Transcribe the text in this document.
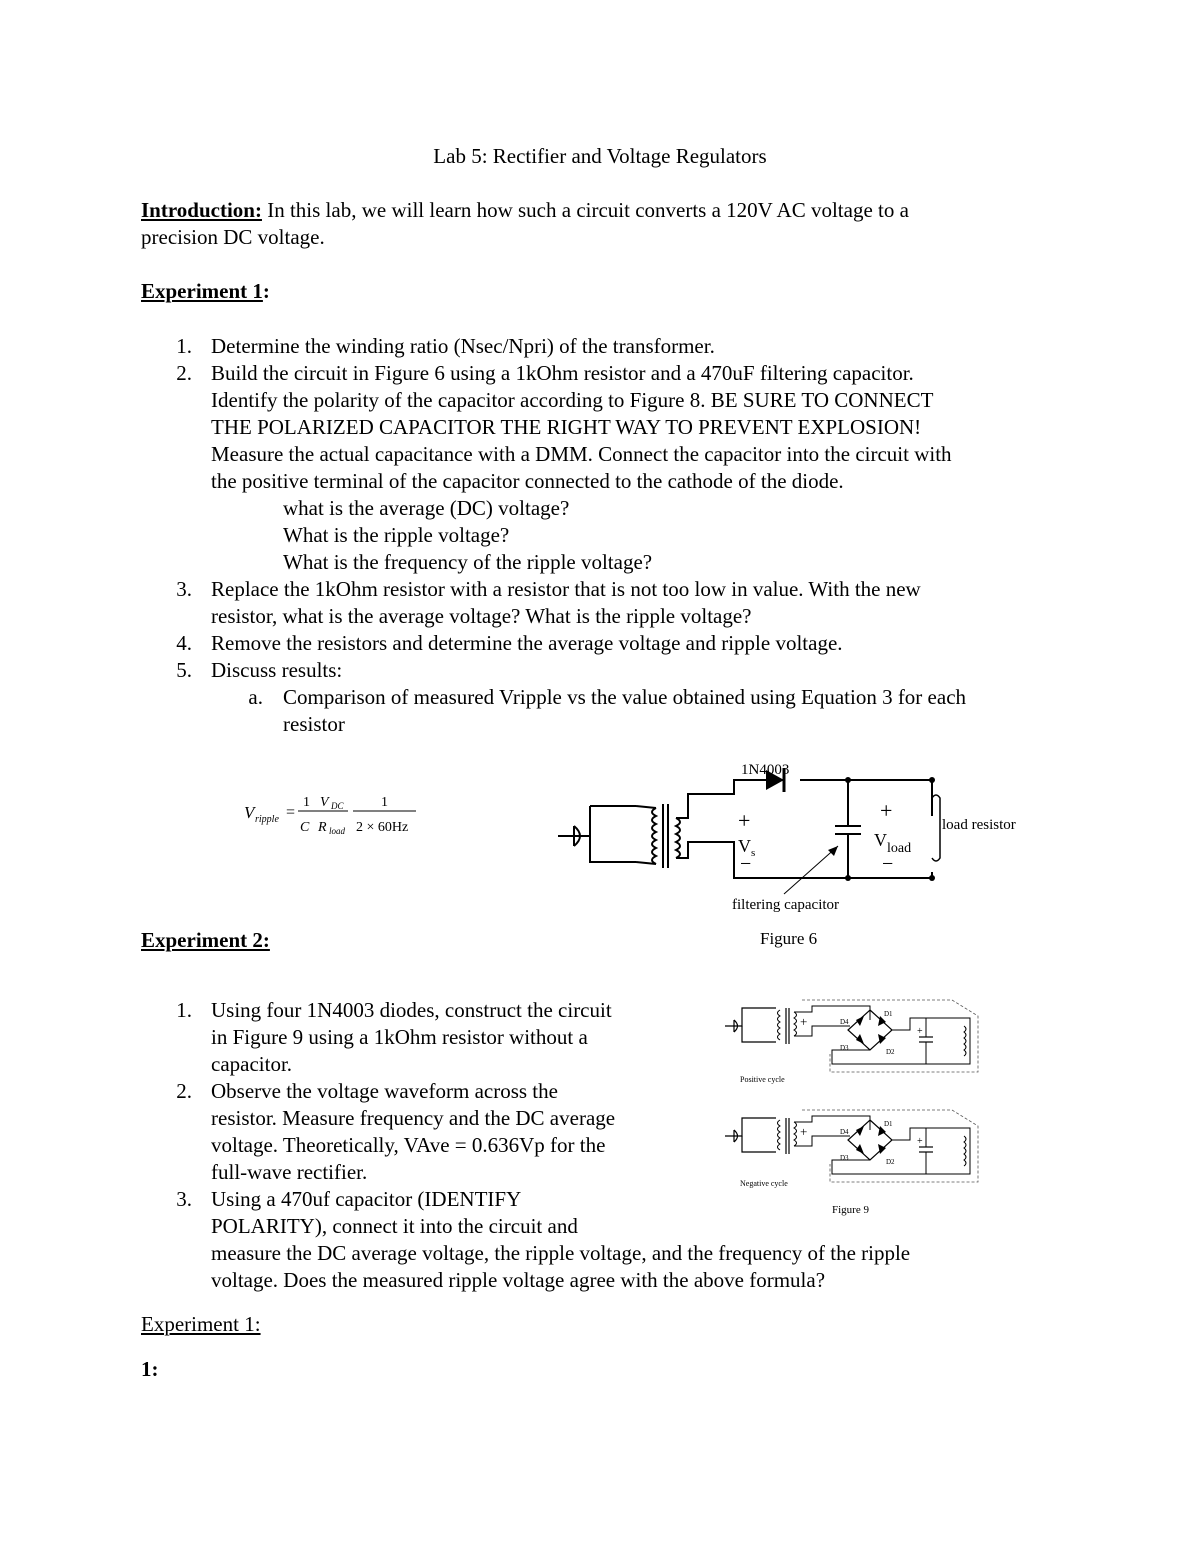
Lab 5: Rectifier and Voltage Regulators
Introduction: In this lab, we will learn how such a circuit converts a 120V AC voltage to a
precision DC voltage.
Experiment 1:
1. Determine the winding ratio (Nsec/Npri) of the transformer.
2. Build the circuit in Figure 6 using a 1kOhm resistor and a 470uF filtering capacitor.
Identify the polarity of the capacitor according to Figure 8. BE SURE TO CONNECT
THE POLARIZED CAPACITOR THE RIGHT WAY TO PREVENT EXPLOSION!
Measure the actual capacitance with a DMM. Connect the capacitor into the circuit with
the positive terminal of the capacitor connected to the cathode of the diode.
what is the average (DC) voltage?
What is the ripple voltage?
What is the frequency of the ripple voltage?
3. Replace the 1kOhm resistor with a resistor that is not too low in value. With the new
resistor, what is the average voltage? What is the ripple voltage?
4. Remove the resistors and determine the average voltage and ripple voltage.
5. Discuss results:
a. Comparison of measured Vripple vs the value obtained using Equation 3 for each
resistor
V ripple =
1
C
V DC
R load
1
2 × 60Hz
1N4003
+
V s
−
+
V load
−
load resistor
filtering capacitor
Figure 6
Experiment 2:
1. Using four 1N4003 diodes, construct the circuit
in Figure 9 using a 1kOhm resistor without a
capacitor.
2. Observe the voltage waveform across the
resistor. Measure frequency and the DC average
voltage. Theoretically, VAve = 0.636Vp for the
full-wave rectifier.
3. Using a 470uf capacitor (IDENTIFY
POLARITY), connect it into the circuit and
measure the DC average voltage, the ripple voltage, and the frequency of the ripple
voltage. Does the measured ripple voltage agree with the above formula?
D4
D1
D3	D2
Positive cycle
D4
D1
D3	D2
Negative cycle
Figure 9
Experiment 1:
1:
